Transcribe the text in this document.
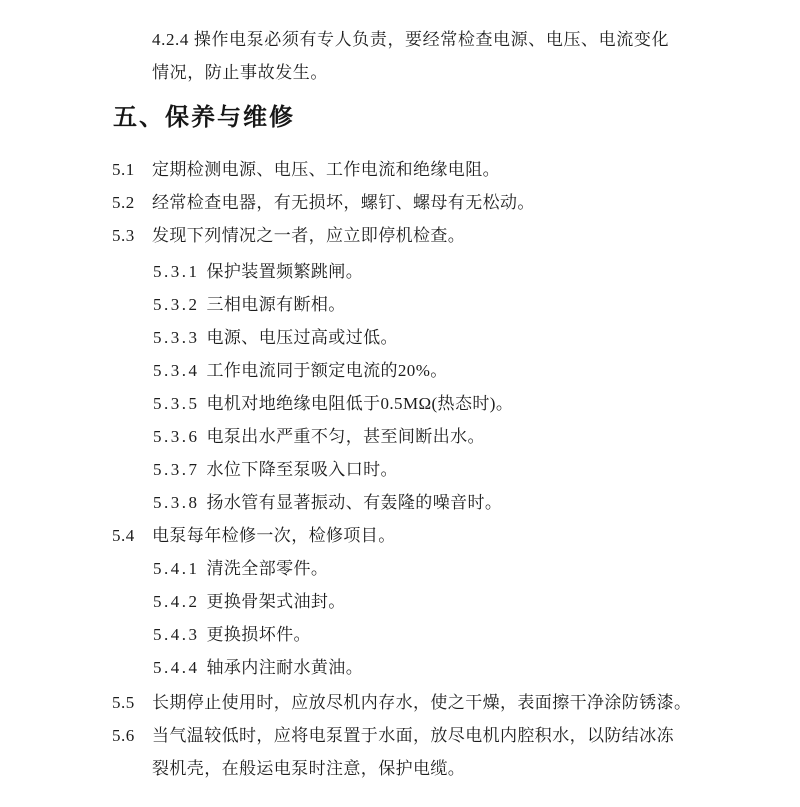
4.2.4 操作电泵必须有专人负责，要经常检查电源、电压、电流变化
情况，防止事故发生。
五、保养与维修
5.1	定期检测电源、电压、工作电流和绝缘电阻。
5.2	经常检查电器，有无损坏，螺钉、螺母有无松动。
5.3	发现下列情况之一者，应立即停机检查。
5.3.1 保护装置频繁跳闸。
5.3.2 三相电源有断相。
5.3.3 电源、电压过高或过低。
5.3.4 工作电流同于额定电流的20%。
5.3.5 电机对地绝缘电阻低于0.5MΩ(热态时)。
5.3.6 电泵出水严重不匀，甚至间断出水。
5.3.7 水位下降至泵吸入口时。
5.3.8 扬水管有显著振动、有轰隆的噪音时。
5.4	电泵每年检修一次，检修项目。
5.4.1 清洗全部零件。
5.4.2 更换骨架式油封。
5.4.3 更换损坏件。
5.4.4 轴承内注耐水黄油。
5.5	长期停止使用时，应放尽机内存水，使之干燥，表面擦干净涂防锈漆。
5.6	当气温较低时，应将电泵置于水面，放尽电机内腔积水，以防结冰冻
裂机壳，在般运电泵时注意，保护电缆。
